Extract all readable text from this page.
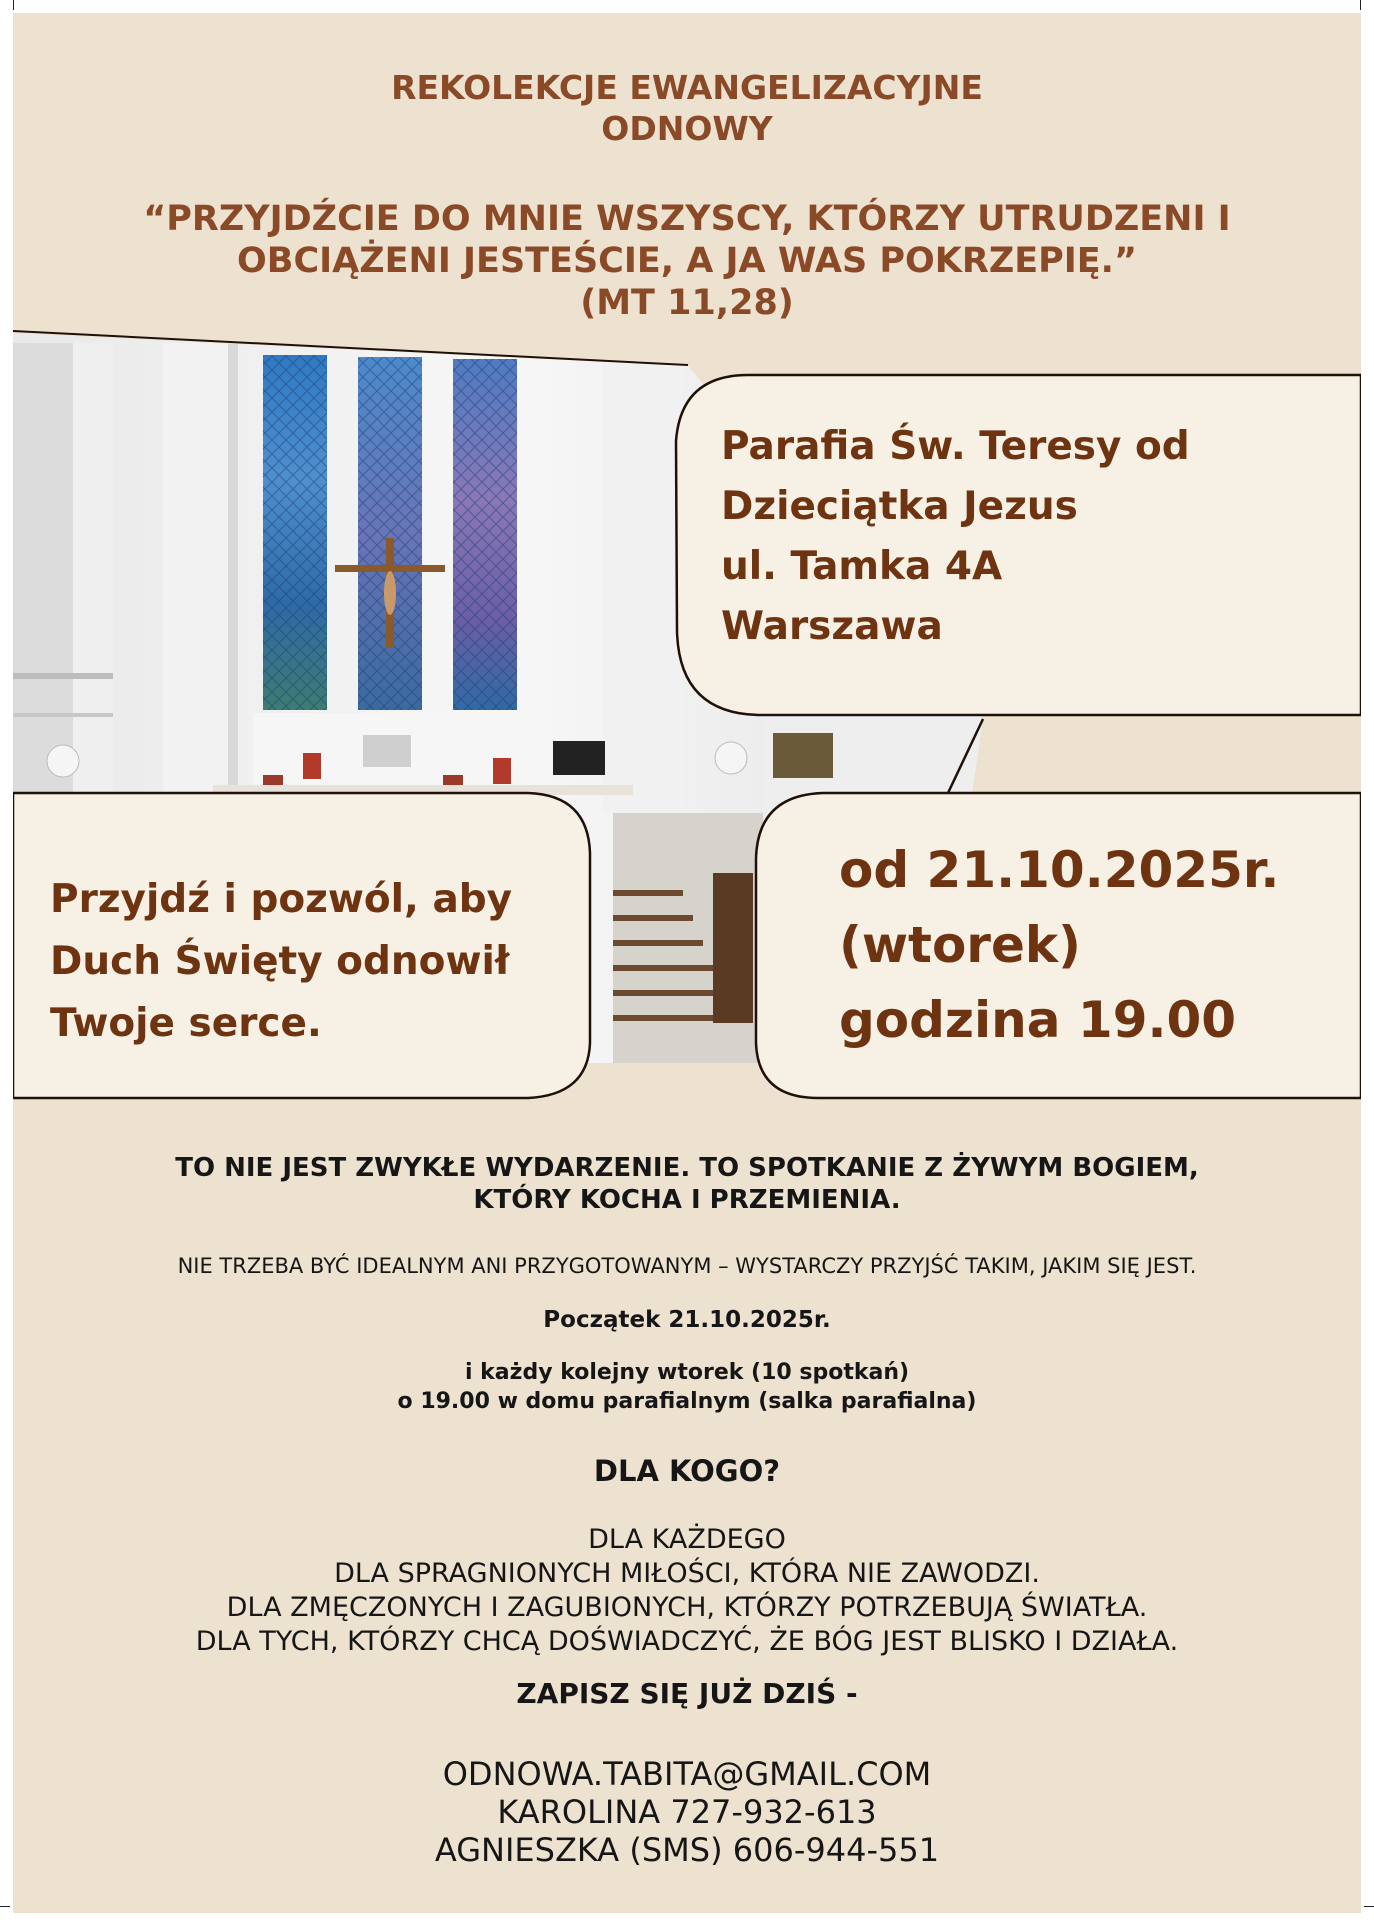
REKOLEKCJE EWANGELIZACYJNE
ODNOWY
“PRZYJDŹCIE DO MNIE WSZYSCY, KTÓRZY UTRUDZENI I
OBCIĄŻENI JESTEŚCIE, A JA WAS POKRZEPIĘ.”
(MT 11,28)
Parafia Św. Teresy od
Dzieciątka Jezus
ul. Tamka 4A
Warszawa
Przyjdź i pozwól, aby
Duch Święty odnowił
Twoje serce.
od 21.10.2025r.
(wtorek)
godzina 19.00
TO NIE JEST ZWYKŁE WYDARZENIE. TO SPOTKANIE Z ŻYWYM BOGIEM,
KTÓRY KOCHA I PRZEMIENIA.
NIE TRZEBA BYĆ IDEALNYM ANI PRZYGOTOWANYM – WYSTARCZY PRZYJŚĆ TAKIM, JAKIM SIĘ JEST.
Początek 21.10.2025r.
i każdy kolejny wtorek (10 spotkań)
o 19.00 w domu parafialnym (salka parafialna)
DLA KOGO?
DLA KAŻDEGO
DLA SPRAGNIONYCH MIŁOŚCI, KTÓRA NIE ZAWODZI.
DLA ZMĘCZONYCH I ZAGUBIONYCH, KTÓRZY POTRZEBUJĄ ŚWIATŁA.
DLA TYCH, KTÓRZY CHCĄ DOŚWIADCZYĆ, ŻE BÓG JEST BLISKO I DZIAŁA.
ZAPISZ SIĘ JUŻ DZIŚ -
ODNOWA.TABITA@GMAIL.COM
KAROLINA 727-932-613
AGNIESZKA (SMS) 606-944-551
